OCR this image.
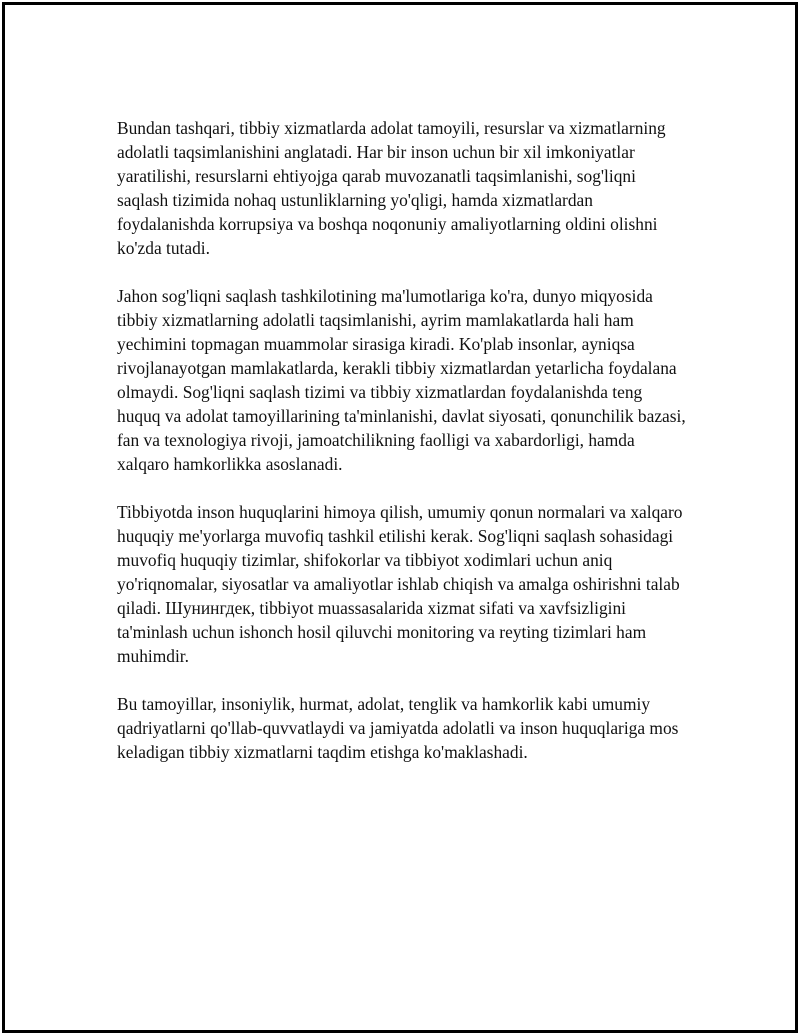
Bundan tashqari, tibbiy xizmatlarda adolat tamoyili, resurslar va xizmatlarning adolatli taqsimlanishini anglatadi. Har bir inson uchun bir xil imkoniyatlar yaratilishi, resurslarni ehtiyojga qarab muvozanatli taqsimlanishi, sog'liqni saqlash tizimida nohaq ustunliklarning yo'qligi, hamda xizmatlardan foydalanishda korrupsiya va boshqa noqonuniy amaliyotlarning oldini olishni ko'zda tutadi.

Jahon sog'liqni saqlash tashkilotining ma'lumotlariga ko'ra, dunyo miqyosida tibbiy xizmatlarning adolatli taqsimlanishi, ayrim mamlakatlarda hali ham yechimini topmagan muammolar sirasiga kiradi. Ko'plab insonlar, ayniqsa rivojlanayotgan mamlakatlarda, kerakli tibbiy xizmatlardan yetarlicha foydalana olmaydi. Sog'liqni saqlash tizimi va tibbiy xizmatlardan foydalanishda teng huquq va adolat tamoyillarining ta'minlanishi, davlat siyosati, qonunchilik bazasi, fan va texnologiya rivoji, jamoatchilikning faolligi va xabardorligi, hamda xalqaro hamkorlikka asoslanadi.

Tibbiyotda inson huquqlarini himoya qilish, umumiy qonun normalari va xalqaro huquqiy me'yorlarga muvofiq tashkil etilishi kerak. Sog'liqni saqlash sohasidagi muvofiq huquqiy tizimlar, shifokorlar va tibbiyot xodimlari uchun aniq yo'riqnomalar, siyosatlar va amaliyotlar ishlab chiqish va amalga oshirishni talab qiladi. Шунингдек, tibbiyot muassasalarida xizmat sifati va xavfsizligini ta'minlash uchun ishonch hosil qiluvchi monitoring va reyting tizimlari ham muhimdir.

Bu tamoyillar, insoniylik, hurmat, adolat, tenglik va hamkorlik kabi umumiy qadriyatlarni qo'llab-quvvatlaydi va jamiyatda adolatli va inson huquqlariga mos keladigan tibbiy xizmatlarni taqdim etishga ko'maklashadi.
